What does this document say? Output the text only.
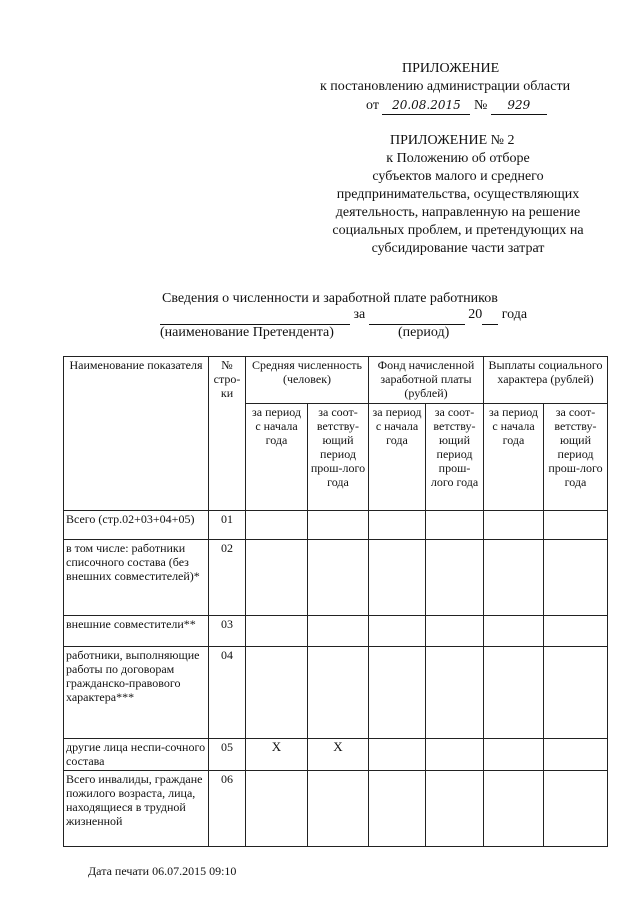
ПРИЛОЖЕНИЕ
к постановлению администрации области
от 20.08.2015 № 929
ПРИЛОЖЕНИЕ № 2
к Положению об отборе
субъектов малого и среднего
предпринимательства, осуществляющих
деятельность, направленную на решение
социальных проблем, и претендующих на
субсидирование части затрат
Сведения о численности и заработной плате работников
за	20 года
(наименование Претендента)	(период)
Наименование показателя	№ стро-ки	Средняя численность (человек)		Фонд начисленной заработной платы (рублей)		Выплаты социального характера (рублей)	
		за период с начала года	за соот-ветству-ющий период прош-лого года	за период с начала года	за соот-ветству-ющий период прош-лого года	за период с начала года	за соот-ветству-ющий период прош-лого года
Всего (стр.02+03+04+05)	01						
в том числе: работники списочного состава (без внешних совместителей)*	02						
внешние совместители**	03						
работники, выполняющие работы по договорам гражданско-правового характера***	04						
другие лица неспи-сочного состава	05	X	X				
Всего инвалиды, граждане пожилого возраста, лица, находящиеся в трудной жизненной	06						
Дата печати 06.07.2015 09:10
